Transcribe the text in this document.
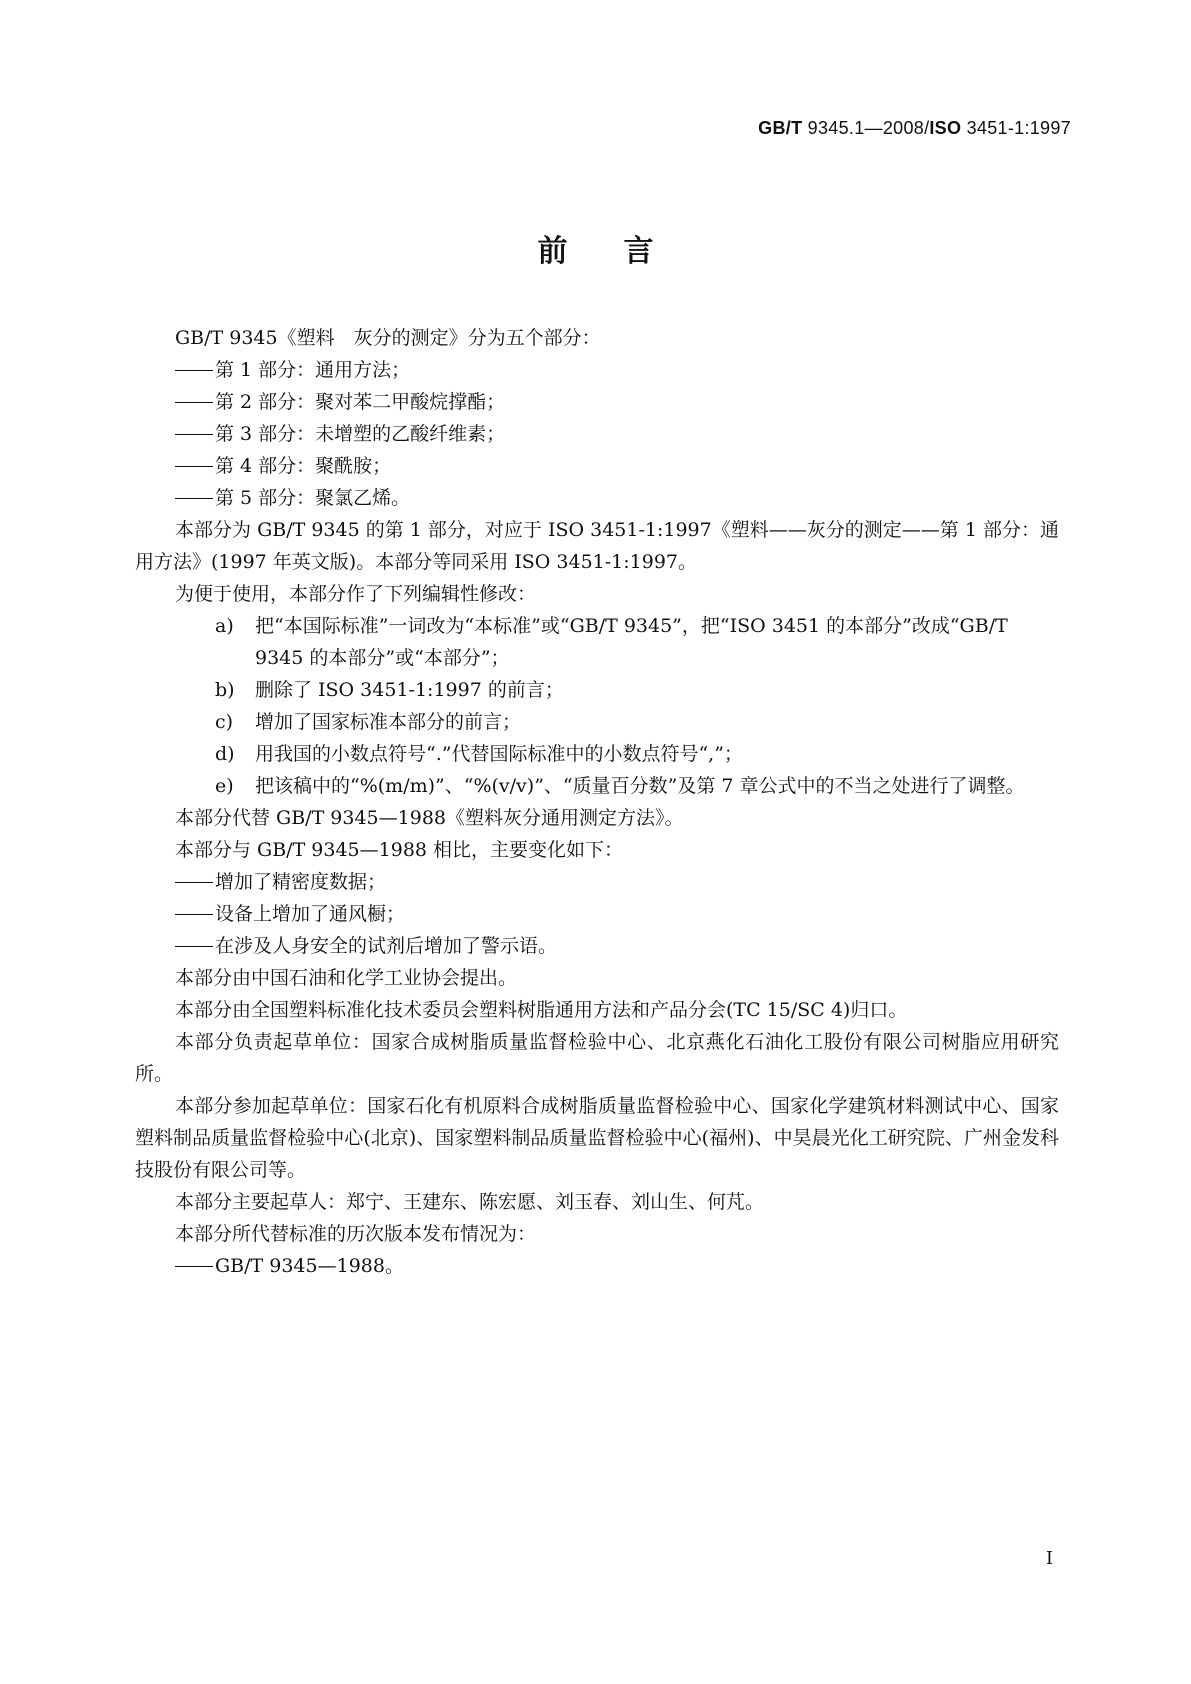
GB/T 9345.1—2008/ISO 3451-1:1997
前言

GB/T 9345《塑料　灰分的测定》分为五个部分：

第 1 部分：通用方法；

第 2 部分：聚对苯二甲酸烷撑酯；

第 3 部分：未增塑的乙酸纤维素；

第 4 部分：聚酰胺；

第 5 部分：聚氯乙烯。

本部分为 GB/T 9345 的第 1 部分，对应于 ISO 3451-1:1997《塑料——灰分的测定——第 1 部分：通用方法》(1997 年英文版)。本部分等同采用 ISO 3451-1:1997。

为便于使用，本部分作了下列编辑性修改：

a) 把“本国际标准”一词改为“本标准”或“GB/T 9345”，把“ISO 3451 的本部分”改成“GB/T 9345 的本部分”或“本部分”；

b) 删除了 ISO 3451-1:1997 的前言；

c) 增加了国家标准本部分的前言；

d) 用我国的小数点符号“.”代替国际标准中的小数点符号“,”；

e) 把该稿中的“%(m/m)”、“%(v/v)”、“质量百分数”及第 7 章公式中的不当之处进行了调整。

本部分代替 GB/T 9345—1988《塑料灰分通用测定方法》。

本部分与 GB/T 9345—1988 相比，主要变化如下：

增加了精密度数据；

设备上增加了通风橱；

在涉及人身安全的试剂后增加了警示语。

本部分由中国石油和化学工业协会提出。

本部分由全国塑料标准化技术委员会塑料树脂通用方法和产品分会(TC 15/SC 4)归口。

本部分负责起草单位：国家合成树脂质量监督检验中心、北京燕化石油化工股份有限公司树脂应用研究所。

本部分参加起草单位：国家石化有机原料合成树脂质量监督检验中心、国家化学建筑材料测试中心、国家塑料制品质量监督检验中心(北京)、国家塑料制品质量监督检验中心(福州)、中昊晨光化工研究院、广州金发科技股份有限公司等。

本部分主要起草人：郑宁、王建东、陈宏愿、刘玉春、刘山生、何芃。

本部分所代替标准的历次版本发布情况为：

GB/T 9345—1988。

I
